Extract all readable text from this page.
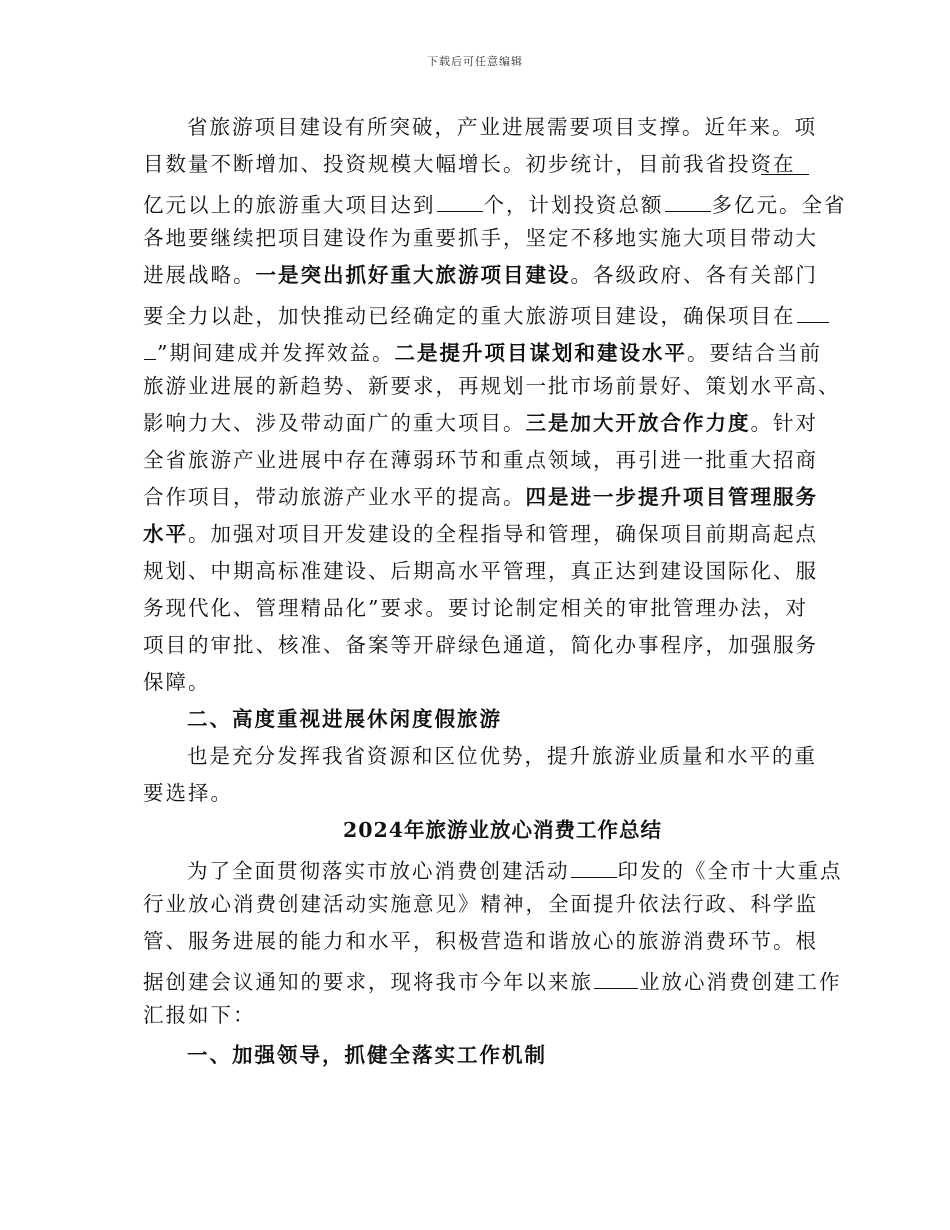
下载后可任意编辑
省旅游项目建设有所突破，产业进展需要项目支撑。近年来。项
目数量不断增加、投资规模大幅增长。初步统计，目前我省投资在
亿元以上的旅游重大项目达到 个，计划投资总额 多亿元。全省
各地要继续把项目建设作为重要抓手，坚定不移地实施大项目带动大
进展战略。一是突出抓好重大旅游项目建设。各级政府、各有关部门
要全力以赴，加快推动已经确定的重大旅游项目建设，确保项目在
”期间建成并发挥效益。二是提升项目谋划和建设水平。要结合当前
旅游业进展的新趋势、新要求，再规划一批市场前景好、策划水平高、
影响力大、涉及带动面广的重大项目。三是加大开放合作力度。针对
全省旅游产业进展中存在薄弱环节和重点领域，再引进一批重大招商
合作项目，带动旅游产业水平的提高。四是进一步提升项目管理服务
水平。加强对项目开发建设的全程指导和管理，确保项目前期高起点
规划、中期高标准建设、后期高水平管理，真正达到建设国际化、服
务现代化、管理精品化”要求。要讨论制定相关的审批管理办法，对
项目的审批、核准、备案等开辟绿色通道，简化办事程序，加强服务
保障。
二、高度重视进展休闲度假旅游
也是充分发挥我省资源和区位优势，提升旅游业质量和水平的重
要选择。
2024年旅游业放心消费工作总结
为了全面贯彻落实市放心消费创建活动 印发的《全市十大重点
行业放心消费创建活动实施意见》精神，全面提升依法行政、科学监
管、服务进展的能力和水平，积极营造和谐放心的旅游消费环节。根
据创建会议通知的要求，现将我市今年以来旅 业放心消费创建工作
汇报如下：
一、加强领导，抓健全落实工作机制
